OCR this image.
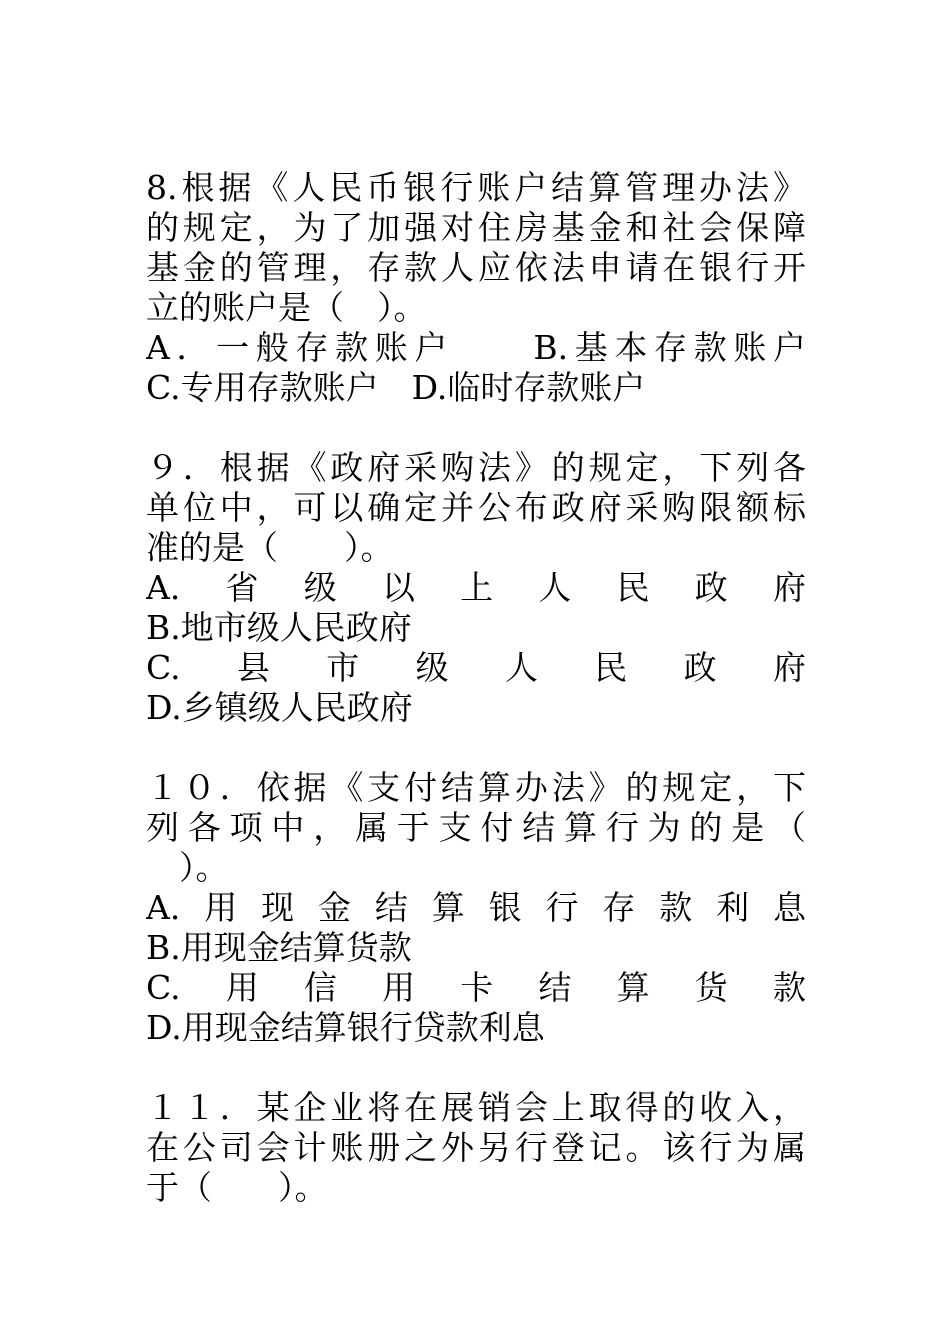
8.根据《人民币银行账户结算管理办法》
的规定，为了加强对住房基金和社会保障
基金的管理，存款人应依法申请在银行开
立的账户是（　）。
A．一般存款账户　　B.基本存款账户
C.专用存款账户　D.临时存款账户
９．根据《政府采购法》的规定，下列各
单位中，可以确定并公布政府采购限额标
准的是（　　）。
A.　省　级　以　上　人　民　政　府
B.地市级人民政府
C.　县　市　级　人　民　政　府
D.乡镇级人民政府
１０．依据《支付结算办法》的规定，下
列各项中，属于支付结算行为的是（
　）。
A.用现金结算银行存款利息
B.用现金结算货款
C.　用　信　用　卡　结　算　货　款
D.用现金结算银行贷款利息
１１．某企业将在展销会上取得的收入，
在公司会计账册之外另行登记。该行为属
于（　　）。
